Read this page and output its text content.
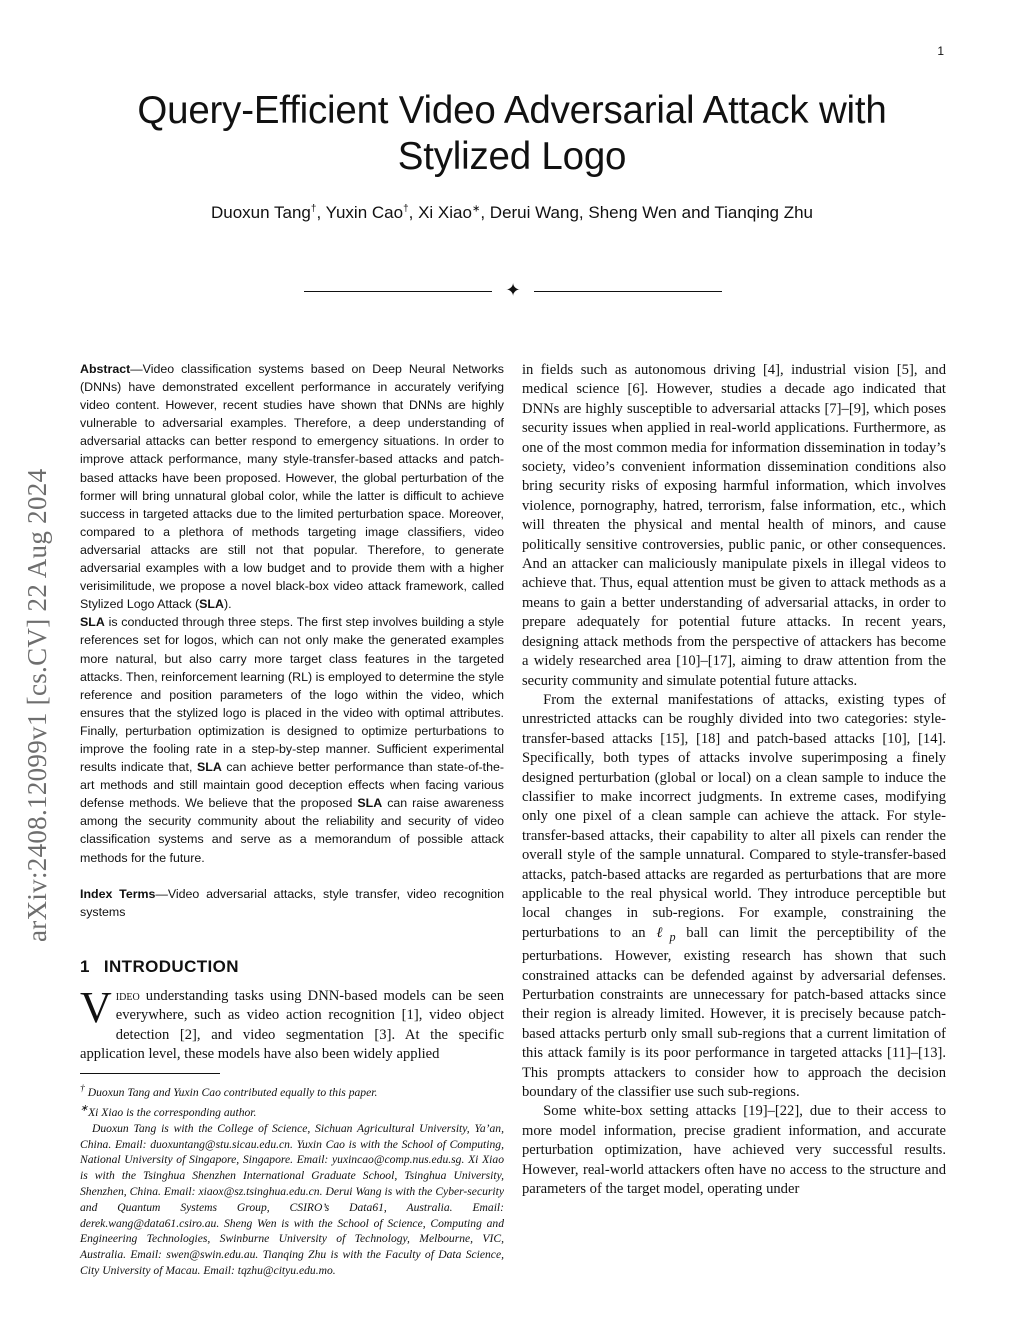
1
Query-Efficient Video Adversarial Attack with Stylized Logo
Duoxun Tang†, Yuxin Cao†, Xi Xiao∗, Derui Wang, Sheng Wen and Tianqing Zhu
✦
arXiv:2408.12099v1 [cs.CV] 22 Aug 2024

Abstract—Video classification systems based on Deep Neural Networks (DNNs) have demonstrated excellent performance in accurately verifying video content. However, recent studies have shown that DNNs are highly vulnerable to adversarial examples. Therefore, a deep understanding of adversarial attacks can better respond to emergency situations. In order to improve attack performance, many style-transfer-based attacks and patch-based attacks have been proposed. However, the global perturbation of the former will bring unnatural global color, while the latter is difficult to achieve success in targeted attacks due to the limited perturbation space. Moreover, compared to a plethora of methods targeting image classifiers, video adversarial attacks are still not that popular. Therefore, to generate adversarial examples with a low budget and to provide them with a higher verisimilitude, we propose a novel black-box video attack framework, called Stylized Logo Attack (SLA).
SLA is conducted through three steps. The first step involves building a style references set for logos, which can not only make the generated examples more natural, but also carry more target class features in the targeted attacks. Then, reinforcement learning (RL) is employed to determine the style reference and position parameters of the logo within the video, which ensures that the stylized logo is placed in the video with optimal attributes. Finally, perturbation optimization is designed to optimize perturbations to improve the fooling rate in a step-by-step manner. Sufficient experimental results indicate that, SLA can achieve better performance than state-of-the-art methods and still maintain good deception effects when facing various defense methods. We believe that the proposed SLA can raise awareness among the security community about the reliability and security of video classification systems and serve as a memorandum of possible attack methods for the future.

Index Terms—Video adversarial attacks, style transfer, video recognition systems

1 INTRODUCTION

Video understanding tasks using DNN-based models can be seen everywhere, such as video action recognition [1], video object detection [2], and video segmentation [3]. At the specific application level, these models have also been widely applied

† Duoxun Tang and Yuxin Cao contributed equally to this paper.

∗Xi Xiao is the corresponding author.

Duoxun Tang is with the College of Science, Sichuan Agricultural University, Ya’an, China. Email: duoxuntang@stu.sicau.edu.cn. Yuxin Cao is with the School of Computing, National University of Singapore, Singapore. Email: yuxincao@comp.nus.edu.sg. Xi Xiao is with the Tsinghua Shenzhen International Graduate School, Tsinghua University, Shenzhen, China. Email: xiaox@sz.tsinghua.edu.cn. Derui Wang is with the Cyber-security and Quantum Systems Group, CSIRO’s Data61, Australia. Email: derek.wang@data61.csiro.au. Sheng Wen is with the School of Science, Computing and Engineering Technologies, Swinburne University of Technology, Melbourne, VIC, Australia. Email: swen@swin.edu.au. Tianqing Zhu is with the Faculty of Data Science, City University of Macau. Email: tqzhu@cityu.edu.mo.

in fields such as autonomous driving [4], industrial vision [5], and medical science [6]. However, studies a decade ago indicated that DNNs are highly susceptible to adversarial attacks [7]–[9], which poses security issues when applied in real-world applications. Furthermore, as one of the most common media for information dissemination in today’s society, video’s convenient information dissemination conditions also bring security risks of exposing harmful information, which involves violence, pornography, hatred, terrorism, false information, etc., which will threaten the physical and mental health of minors, and cause politically sensitive controversies, public panic, or other consequences. And an attacker can maliciously manipulate pixels in illegal videos to achieve that. Thus, equal attention must be given to attack methods as a means to gain a better understanding of adversarial attacks, in order to prepare adequately for potential future attacks. In recent years, designing attack methods from the perspective of attackers has become a widely researched area [10]–[17], aiming to draw attention from the security community and simulate potential future attacks.

From the external manifestations of attacks, existing types of unrestricted attacks can be roughly divided into two categories: style-transfer-based attacks [15], [18] and patch-based attacks [10], [14]. Specifically, both types of attacks involve superimposing a finely designed perturbation (global or local) on a clean sample to induce the classifier to make incorrect judgments. In extreme cases, modifying only one pixel of a clean sample can achieve the attack. For style-transfer-based attacks, their capability to alter all pixels can render the overall style of the sample unnatural. Compared to style-transfer-based attacks, patch-based attacks are regarded as perturbations that are more applicable to the real physical world. They introduce perceptible but local changes in sub-regions. For example, constraining the perturbations to an ℓ$_p$ ball can limit the perceptibility of the perturbations. However, existing research has shown that such constrained attacks can be defended against by adversarial defenses. Perturbation constraints are unnecessary for patch-based attacks since their region is already limited. However, it is precisely because patch-based attacks perturb only small sub-regions that a current limitation of this attack family is its poor performance in targeted attacks [11]–[13]. This prompts attackers to consider how to approach the decision boundary of the classifier use such sub-regions.

Some white-box setting attacks [19]–[22], due to their access to more model information, precise gradient information, and accurate perturbation optimization, have achieved very successful results. However, real-world attackers often have no access to the structure and parameters of the target model, operating under
